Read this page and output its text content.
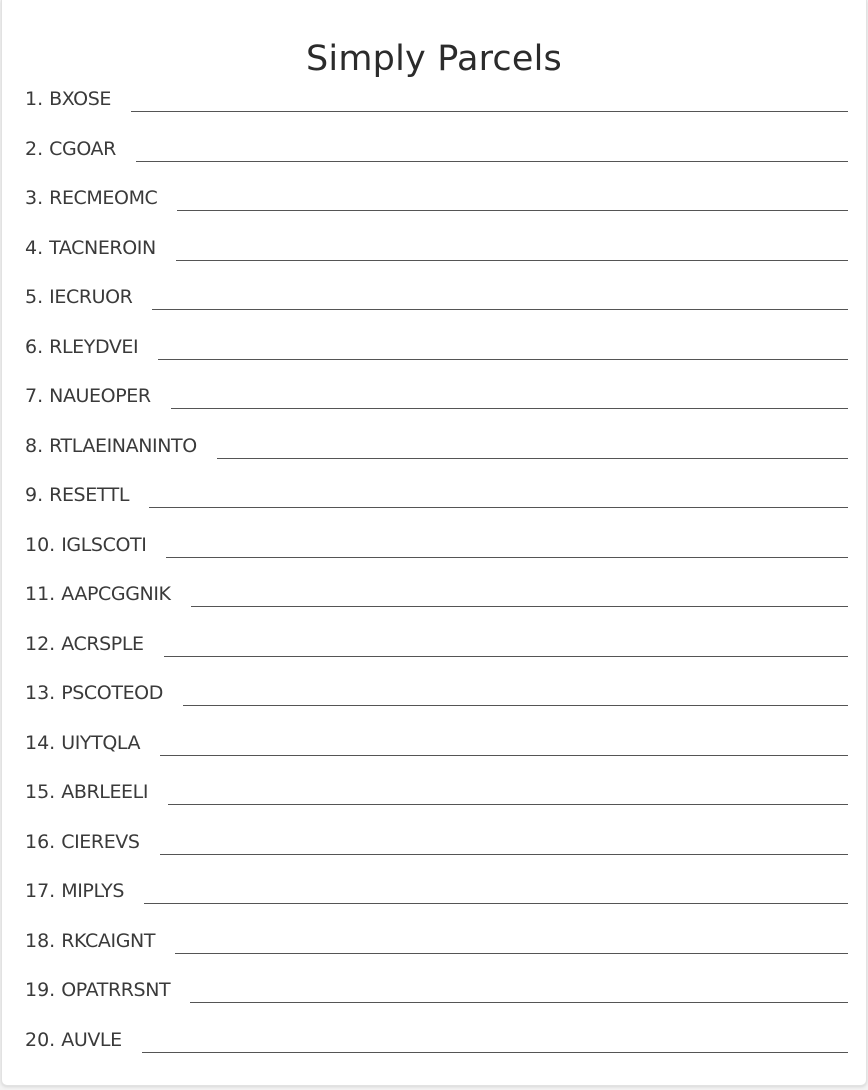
Simply Parcels
1. BXOSE
2. CGOAR
3. RECMEOMC
4. TACNEROIN
5. IECRUOR
6. RLEYDVEI
7. NAUEOPER
8. RTLAEINANINTO
9. RESETTL
10. IGLSCOTI
11. AAPCGGNIK
12. ACRSPLE
13. PSCOTEOD
14. UIYTQLA
15. ABRLEELI
16. CIEREVS
17. MIPLYS
18. RKCAIGNT
19. OPATRRSNT
20. AUVLE
